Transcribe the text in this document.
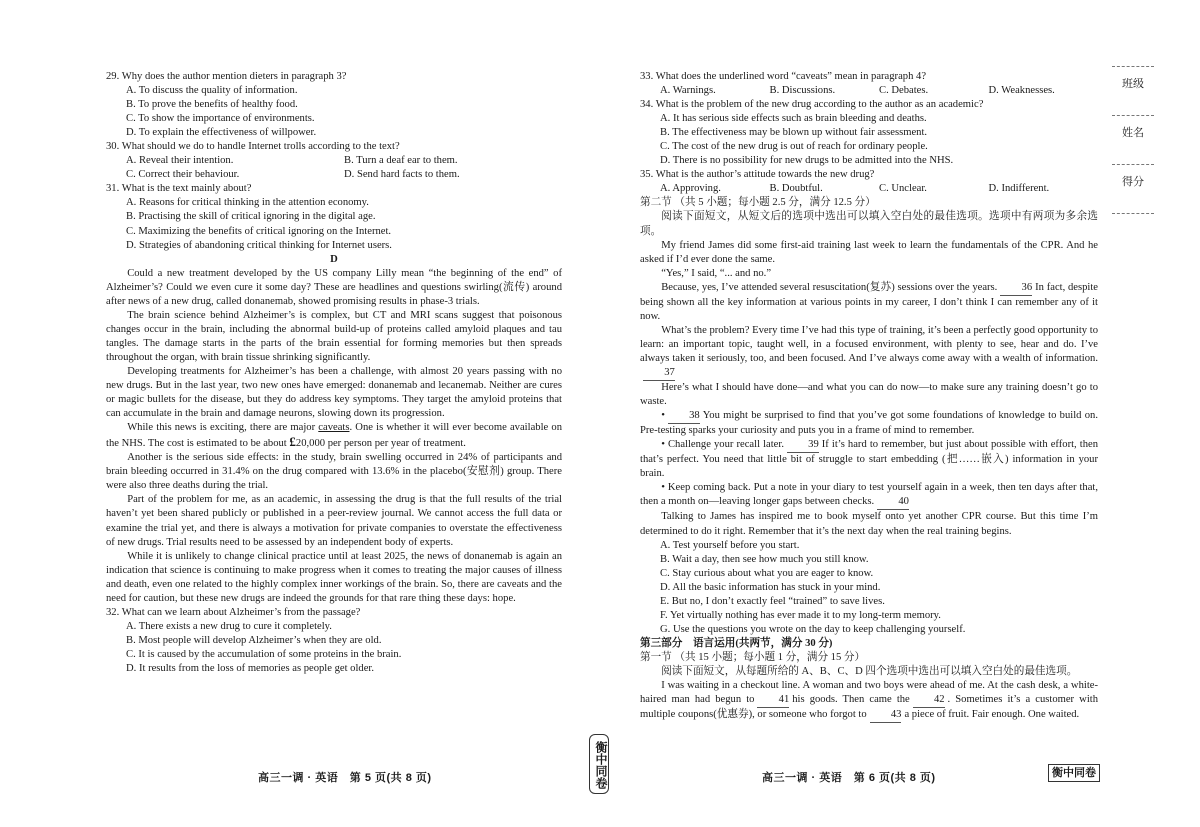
29. Why does the author mention dieters in paragraph 3?

A. To discuss the quality of information.

B. To prove the benefits of healthy food.

C. To show the importance of environments.

D. To explain the effectiveness of willpower.

30. What should we do to handle Internet trolls according to the text?

A. Reveal their intention.	B. Turn a deaf ear to them.
C. Correct their behaviour.	D. Send hard facts to them.

31. What is the text mainly about?

A. Reasons for critical thinking in the attention economy.

B. Practising the skill of critical ignoring in the digital age.

C. Maximizing the benefits of critical ignoring on the Internet.

D. Strategies of abandoning critical thinking for Internet users.

D

Could a new treatment developed by the US company Lilly mean “the beginning of the end” of Alzheimer’s? Could we even cure it some day? These are headlines and questions swirling(流传) around after news of a new drug, called donanemab, showed promising results in phase-3 trials.

The brain science behind Alzheimer’s is complex, but CT and MRI scans suggest that poisonous changes occur in the brain, including the abnormal build-up of proteins called amyloid plaques and tau tangles. The damage starts in the parts of the brain essential for forming memories but then spreads throughout the organ, with brain tissue shrinking significantly.

Developing treatments for Alzheimer’s has been a challenge, with almost 20 years passing with no new drugs. But in the last year, two new ones have emerged: donanemab and lecanemab. Neither are cures or magic bullets for the disease, but they do address key symptoms. They target the amyloid proteins that can accumulate in the brain and damage neurons, slowing down its progression.

While this news is exciting, there are major caveats. One is whether it will ever become available on the NHS. The cost is estimated to be about £20,000 per person per year of treatment.

Another is the serious side effects: in the study, brain swelling occurred in 24% of participants and brain bleeding occurred in 31.4% on the drug compared with 13.6% in the placebo(安慰剂) group. There were also three deaths during the trial.

Part of the problem for me, as an academic, in assessing the drug is that the full results of the trial haven’t yet been shared publicly or published in a peer-review journal. We cannot access the full data or examine the trial yet, and there is always a motivation for private companies to overstate the effectiveness of new drugs. Trial results need to be assessed by an independent body of experts.

While it is unlikely to change clinical practice until at least 2025, the news of donanemab is again an indication that science is continuing to make progress when it comes to treating the major causes of illness and death, even one related to the highly complex inner workings of the brain. So, there are caveats and the need for caution, but these new drugs are indeed the grounds for that rare thing these days: hope.

32. What can we learn about Alzheimer’s from the passage?

A. There exists a new drug to cure it completely.

B. Most people will develop Alzheimer’s when they are old.

C. It is caused by the accumulation of some proteins in the brain.

D. It results from the loss of memories as people get older.

33. What does the underlined word “caveats” mean in paragraph 4?

A. Warnings.	B. Discussions.	C. Debates.	D. Weaknesses.

34. What is the problem of the new drug according to the author as an academic?

A. It has serious side effects such as brain bleeding and deaths.

B. The effectiveness may be blown up without fair assessment.

C. The cost of the new drug is out of reach for ordinary people.

D. There is no possibility for new drugs to be admitted into the NHS.

35. What is the author’s attitude towards the new drug?

A. Approving.	B. Doubtful.	C. Unclear.	D. Indifferent.

第二节 （共 5 小题；每小题 2.5 分，满分 12.5 分）

阅读下面短文，从短文后的选项中选出可以填入空白处的最佳选项。选项中有两项为多余选项。

My friend James did some first-aid training last week to learn the fundamentals of the CPR. And he asked if I’d ever done the same.

“Yes,” I said, “... and no.”

Because, yes, I’ve attended several resuscitation(复苏) sessions over the years. 36 In fact, despite being shown all the key information at various points in my career, I don’t think I can remember any of it now.

What’s the problem? Every time I’ve had this type of training, it’s been a perfectly good opportunity to learn: an important topic, taught well, in a focused environment, with plenty to see, hear and do. I’ve always taken it seriously, too, and been focused. And I’ve always come away with a wealth of information.37

Here’s what I should have done—and what you can do now—to make sure any training doesn’t go to waste.

• 38 You might be surprised to find that you’ve got some foundations of knowledge to build on. Pre-testing sparks your curiosity and puts you in a frame of mind to remember.

• Challenge your recall later. 39 If it’s hard to remember, but just about possible with effort, then that’s perfect. You need that little bit of struggle to start embedding (把……嵌入) information in your brain.

• Keep coming back. Put a note in your diary to test yourself again in a week, then ten days after that, then a month on—leaving longer gaps between checks. 40

Talking to James has inspired me to book myself onto yet another CPR course. But this time I’m determined to do it right. Remember that it’s the next day when the real training begins.

A. Test yourself before you start.

B. Wait a day, then see how much you still know.

C. Stay curious about what you are eager to know.

D. All the basic information has stuck in your mind.

E. But no, I don’t exactly feel “trained” to save lives.

F. Yet virtually nothing has ever made it to my long-term memory.

G. Use the questions you wrote on the day to keep challenging yourself.

第三部分　语言运用(共两节，满分 30 分)

第一节 （共 15 小题；每小题 1 分，满分 15 分）

阅读下面短文，从每题所给的 A、B、C、D 四个选项中选出可以填入空白处的最佳选项。

I was waiting in a checkout line. A woman and two boys were ahead of me. At the cash desk, a white-haired man had begun to 41 his goods. Then came the 42 . Sometimes it’s a customer with multiple coupons(优惠券), or someone who forgot to 43 a piece of fruit. Fair enough. One waited.

高三一调 · 英语　第 5 页(共 8 页)	高三一调 · 英语　第 6 页(共 8 页)
衡中同卷	衡中同卷
班级
姓名
得分
